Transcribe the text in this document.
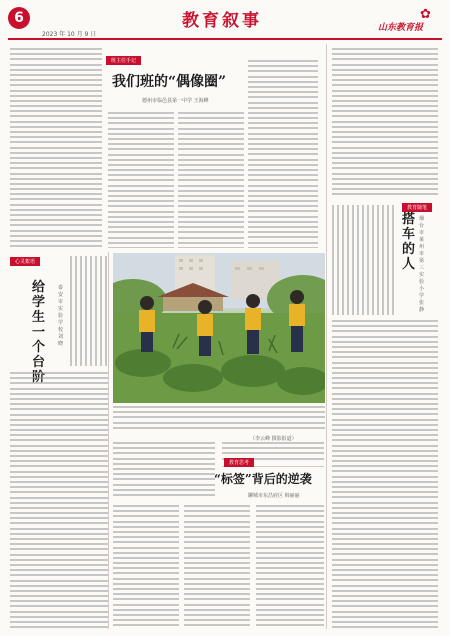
6
2023 年 10 月 9 日
教育叙事	山东教育报
✿
班主任手记
我们班的“偶像圈”
德州市临邑县第一中学 王海峰
教育随笔
搭车的人
烟台市莱州市第三实验小学 张静
心灵絮语
给学生一个台阶
泰安市实验学校 刘晓
（李云峰 摄影报道）
教育思考
“标签”背后的逆袭
聊城市东昌府区 韩丽丽
